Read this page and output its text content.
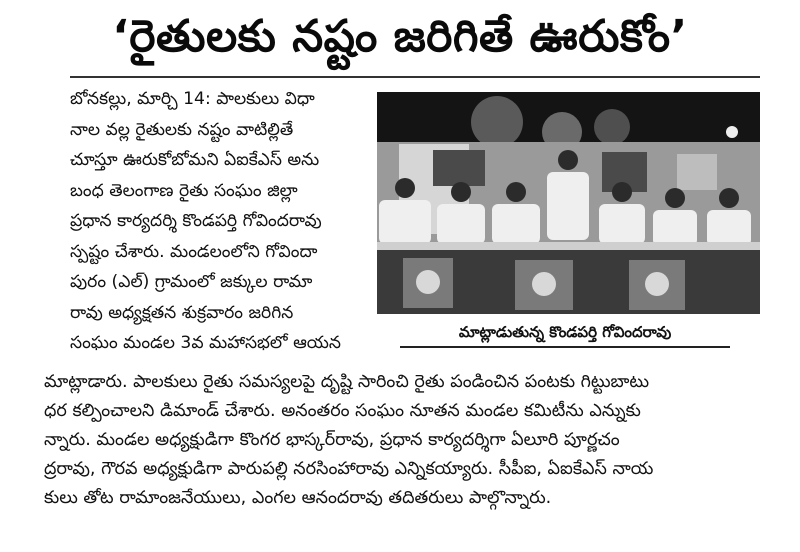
‘రైతులకు నష్టం జరిగితే ఊరుకోం’
బోనకల్లు, మార్చి 14: పాలకులు విధా
నాల వల్ల రైతులకు నష్టం వాటిల్లితే
చూస్తూ ఊరుకోబోమని ఏఐకేఎస్ అను
బంధ తెలంగాణ రైతు సంఘం జిల్లా
ప్రధాన కార్యదర్శి కొండపర్తి గోవిందరావు
స్పష్టం చేశారు. మండలంలోని గోవిందా
పురం (ఎల్) గ్రామంలో జక్కుల రామా
రావు అధ్యక్షతన శుక్రవారం జరిగిన
సంఘం మండల 3వ మహాసభలో ఆయన
మాట్లాడుతున్న కొండపర్తి గోవిందరావు
మాట్లాడారు. పాలకులు రైతు సమస్యలపై దృష్టి సారించి రైతు పండించిన పంటకు గిట్టుబాటు
ధర కల్పించాలని డిమాండ్ చేశారు. అనంతరం సంఘం నూతన మండల కమిటీను ఎన్నుకు
న్నారు. మండల అధ్యక్షుడిగా కొంగర భాస్కర్‌రావు, ప్రధాన కార్యదర్శిగా ఏలూరి పూర్ణచం
ద్రరావు, గౌరవ అధ్యక్షుడిగా పారుపల్లి నరసింహారావు ఎన్నికయ్యారు. సీపీఐ, ఏఐకేఎస్ నాయ
కులు తోట రామాంజనేయులు, ఎంగల ఆనందరావు తదితరులు పాల్గొన్నారు.
